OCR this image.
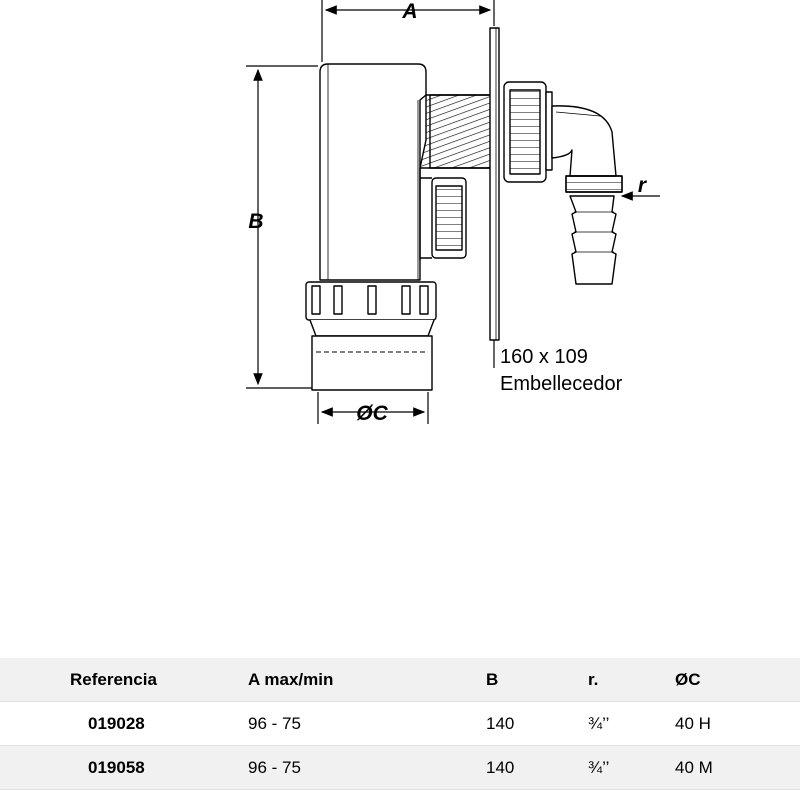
A
B
ØC
r
160 x 109
Embellecedor
	Referencia	A max/min	B	r.	ØC
	019028	96 - 75	140	¾’’	40 H
	019058	96 - 75	140	¾’’	40 M
